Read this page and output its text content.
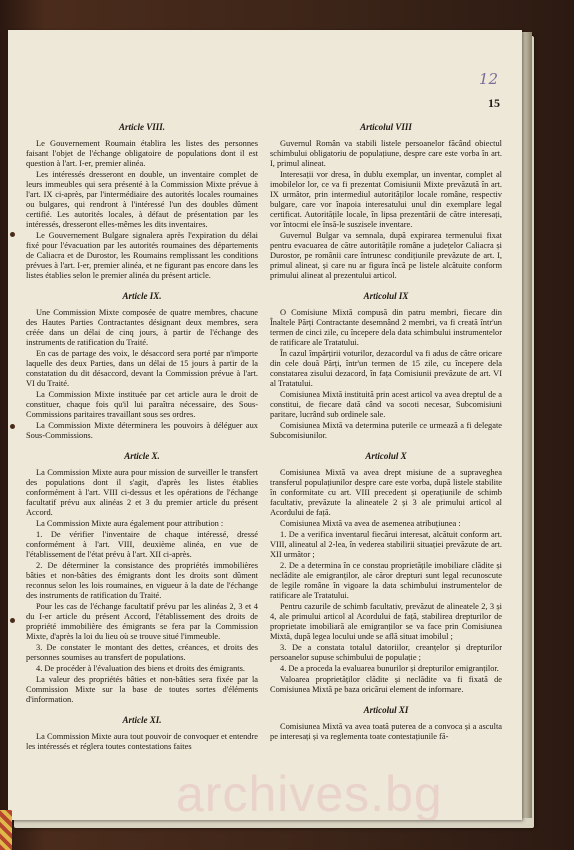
12
15
Article VIII.

Le Gouvernement Roumain établira les listes des personnes faisant l'objet de l'échange obligatoire de populations dont il est question à l'art. I-er, premier alinéa.

Les intéressés dresseront en double, un inventaire complet de leurs immeubles qui sera présenté à la Commission Mixte prévue à l'art. IX ci-après, par l'intermédiaire des autorités locales roumaines ou bulgares, qui rendront à l'intéressé l'un des doubles dûment certifié. Les autorités locales, à défaut de présentation par les intéressés, dresseront elles-mêmes les dits inventaires.

Le Gouvernement Bulgare signalera après l'expiration du délai fixé pour l'évacuation par les autorités roumaines des départements de Caliacra et de Durostor, les Roumains remplissant les conditions prévues à l'art. I-er, premier alinéa, et ne figurant pas encore dans les listes établies selon le premier alinéa du présent article.

Article IX.

Une Commission Mixte composée de quatre membres, chacune des Hautes Parties Contractantes désignant deux membres, sera créée dans un délai de cinq jours, à partir de l'échange des instruments de ratification du Traité.

En cas de partage des voix, le désaccord sera porté par n'importe laquelle des deux Parties, dans un délai de 15 jours à partir de la constatation du dit désaccord, devant la Commission prévue à l'art. VI du Traité.

La Commission Mixte instituée par cet article aura le droit de constituer, chaque fois qu'il lui paraîtra nécessaire, des Sous-Commissions paritaires travaillant sous ses ordres.

La Commission Mixte déterminera les pouvoirs à déléguer aux Sous-Commissions.

Article X.

La Commission Mixte aura pour mission de surveiller le transfert des populations dont il s'agit, d'après les listes établies conformément à l'art. VIII ci-dessus et les opérations de l'échange facultatif prévu aux alinéas 2 et 3 du premier article du présent Accord.

La Commission Mixte aura également pour attribution :

1. De vérifier l'inventaire de chaque intéressé, dressé conformément à l'art. VIII, deuxième alinéa, en vue de l'établissement de l'état prévu à l'art. XII ci-après.

2. De déterminer la consistance des propriétés immobilières bâties et non-bâties des émigrants dont les droits sont dûment reconnus selon les lois roumaines, en vigueur à la date de l'échange des instruments de ratification du Traité.

Pour les cas de l'échange facultatif prévu par les alinéas 2, 3 et 4 du I-er article du présent Accord, l'établissement des droits de propriété immobilière des émigrants se fera par la Commission Mixte, d'après la loi du lieu où se trouve situé l'immeuble.

3. De constater le montant des dettes, créances, et droits des personnes soumises au transfert de populations.

4. De procéder à l'évaluation des biens et droits des émigrants.

La valeur des propriétés bâties et non-bâties sera fixée par la Commission Mixte sur la base de toutes sortes d'éléments d'information.

Article XI.

La Commission Mixte aura tout pouvoir de convoquer et entendre les intéressés et réglera toutes contestations faites

Articolul VIII

Guvernul Român va stabili listele persoanelor făcând obiectul schimbului obligatoriu de populațiune, despre care este vorba în art. I, primul alineat.

Interesații vor dresa, în dublu exemplar, un inventar, complet al imobilelor lor, ce va fi prezentat Comisiunii Mixte prevăzută în art. IX următor, prin intermediul autorităților locale române, respectiv bulgare, care vor înapoia interesatului unul din exemplare legal certificat. Autoritățile locale, în lipsa prezentării de către interesați, vor întocmi ele însă-le suszisele inventare.

Guvernul Bulgar va semnala, după expirarea termenului fixat pentru evacuarea de către autoritățile române a județelor Caliacra și Durostor, pe românii care întrunesc condițiunile prevăzute de art. I, primul alineat, și care nu ar figura încă pe listele alcătuite conform primului alineat al prezentului articol.

Articolul IX

O Comisiune Mixtă compusă din patru membri, fiecare din Înaltele Părți Contractante desemnând 2 membri, va fi creată într'un termen de cinci zile, cu începere dela data schimbului instrumentelor de ratificare ale Tratatului.

În cazul împărțirii voturilor, dezacordul va fi adus de către oricare din cele două Părți, într'un termen de 15 zile, cu începere dela constatarea zisului dezacord, în fața Comisiunii prevăzute de art. VI al Tratatului.

Comisiunea Mixtă instituită prin acest articol va avea dreptul de a constitui, de fiecare dată când va socoti necesar, Subcomisiuni paritare, lucrând sub ordinele sale.

Comisiunea Mixtă va determina puterile ce urmează a fi delegate Subcomisiunilor.

Articolul X

Comisiunea Mixtă va avea drept misiune de a supraveghea transferul populațiunilor despre care este vorba, după listele stabilite în conformitate cu art. VIII precedent și operațiunile de schimb facultativ, prevăzute la alineatele 2 și 3 ale primului articol al Acordului de față.

Comisiunea Mixtă va avea de asemenea atribuțiunea :

1. De a verifica inventarul fiecărui interesat, alcătuit conform art. VIII, alineatul al 2-lea, în vederea stabilirii situației prevăzute de art. XII următor ;

2. De a determina în ce constau proprietățile imobiliare clădite și neclădite ale emigranților, ale căror drepturi sunt legal recunoscute de legile române în vigoare la data schimbului instrumentelor de ratificare ale Tratatului.

Pentru cazurile de schimb facultativ, prevăzut de alineatele 2, 3 și 4, ale primului articol al Acordului de față, stabilirea drepturilor de proprietate imobiliară ale emigranților se va face prin Comisiunea Mixtă, după legea locului unde se află situat imobilul ;

3. De a constata totalul datoriilor, creanțelor și drepturilor persoanelor supuse schimbului de populație ;

4. De a proceda la evaluarea bunurilor și drepturilor emigranților.

Valoarea proprietăților clădite și neclădite va fi fixată de Comisiunea Mixtă pe baza oricărui element de informare.

Articolul XI

Comisiunea Mixtă va avea toată puterea de a convoca și a asculta pe interesați și va reglementa toate contestațiunile fă-

archives.bg
